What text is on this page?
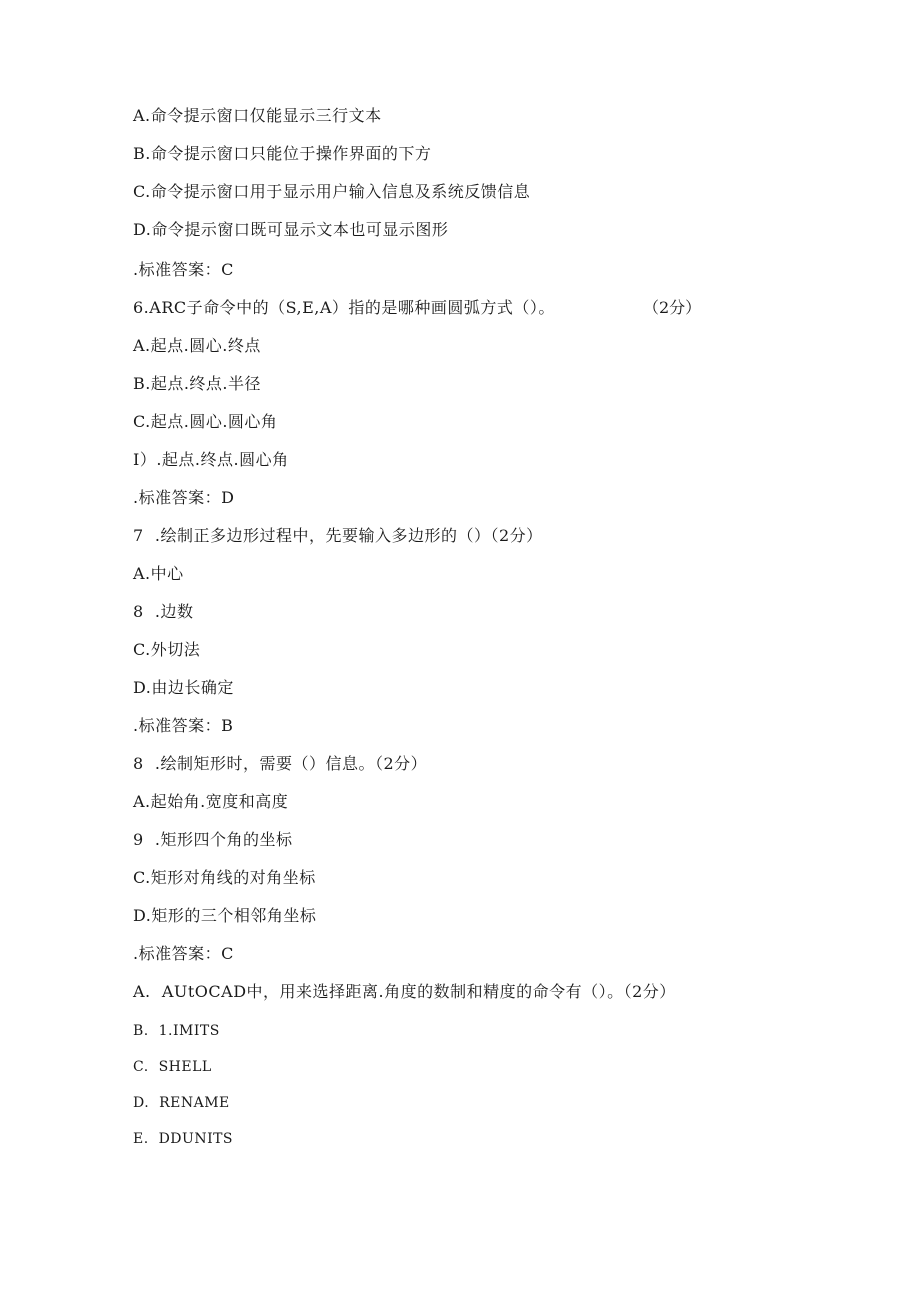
A.命令提示窗口仅能显示三行文本
B.命令提示窗口只能位于操作界面的下方
C.命令提示窗口用于显示用户输入信息及系统反馈信息
D.命令提示窗口既可显示文本也可显示图形
.标准答案：C
6.ARC子命令中的（S,E,A）指的是哪种画圆弧方式（）。	（2分）
A.起点.圆心.终点
B.起点.终点.半径
C.起点.圆心.圆心角
I）.起点.终点.圆心角
.标准答案：D
7  .绘制正多边形过程中，先要输入多边形的（）（2分）
A.中心
8  .边数
C.外切法
D.由边长确定
.标准答案：B
8  .绘制矩形时，需要（）信息。（2分）
A.起始角.宽度和高度
9  .矩形四个角的坐标
C.矩形对角线的对角坐标
D.矩形的三个相邻角坐标
.标准答案：C
A.  AUtOCAD中，用来选择距离.角度的数制和精度的命令有（）。（2分）
B.  1.IMITS
C.  SHELL
D.  RENAME
E.  DDUNITS
